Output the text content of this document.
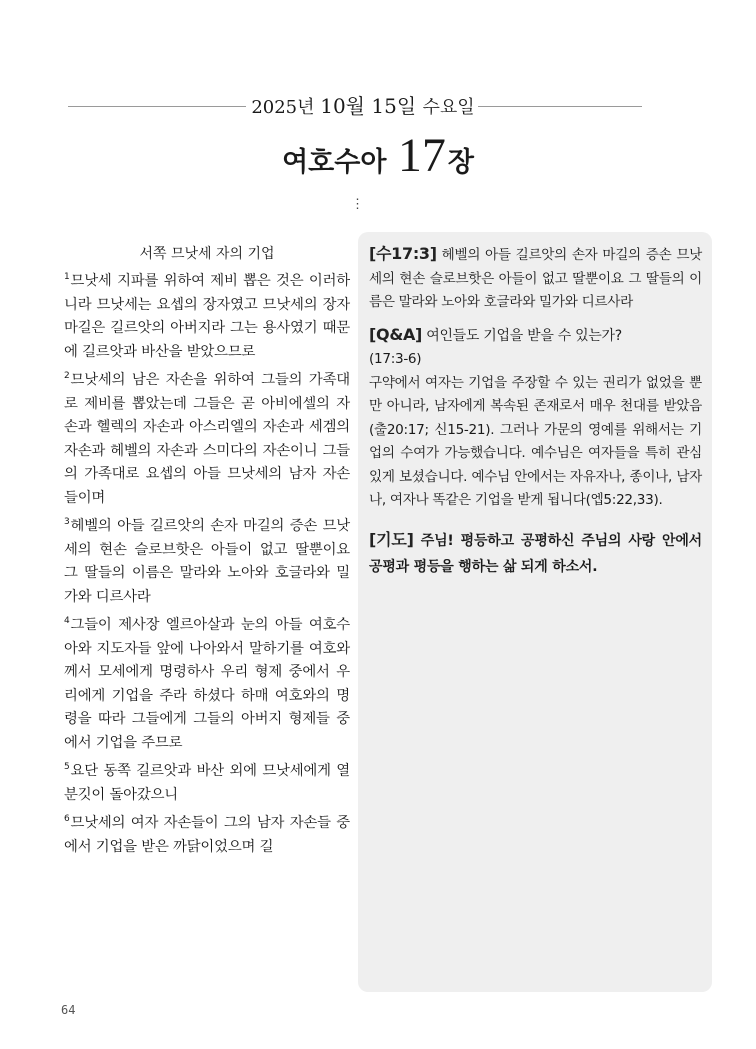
2025년 10월 15일 수요일
여호수아 17장
⋮
서쪽 므낫세 자의 기업

$^1$므낫세 지파를 위하여 제비 뽑은 것은 이러하니라 므낫세는 요셉의 장자였고 므낫세의 장자 마길은 길르앗의 아버지라 그는 용사였기 때문에 길르앗과 바산을 받았으므로

$^2$므낫세의 남은 자손을 위하여 그들의 가족대로 제비를 뽑았는데 그들은 곧 아비에셀의 자손과 헬렉의 자손과 아스리엘의 자손과 세겜의 자손과 헤벨의 자손과 스미다의 자손이니 그들의 가족대로 요셉의 아들 므낫세의 남자 자손들이며

$^3$헤벨의 아들 길르앗의 손자 마길의 증손 므낫세의 현손 슬로브핫은 아들이 없고 딸뿐이요 그 딸들의 이름은 말라와 노아와 호글라와 밀가와 디르사라

$^4$그들이 제사장 엘르아살과 눈의 아들 여호수아와 지도자들 앞에 나아와서 말하기를 여호와께서 모세에게 명령하사 우리 형제 중에서 우리에게 기업을 주라 하셨다 하매 여호와의 명령을 따라 그들에게 그들의 아버지 형제들 중에서 기업을 주므로

$^5$요단 동쪽 길르앗과 바산 외에 므낫세에게 열 분깃이 돌아갔으니

$^6$므낫세의 여자 자손들이 그의 남자 자손들 중에서 기업을 받은 까닭이었으며 길

[수17:3] 헤벨의 아들 길르앗의 손자 마길의 증손 므낫세의 현손 슬로브핫은 아들이 없고 딸뿐이요 그 딸들의 이름은 말라와 노아와 호글라와 밀가와 디르사라

[Q&A] 여인들도 기업을 받을 수 있는가?
(17:3-6)
구약에서 여자는 기업을 주장할 수 있는 권리가 없었을 뿐만 아니라, 남자에게 복속된 존재로서 매우 천대를 받았음(출20:17; 신15-21). 그러나 가문의 영예를 위해서는 기업의 수여가 가능했습니다. 예수님은 여자들을 특히 관심 있게 보셨습니다. 예수님 안에서는 자유자나, 종이나, 남자나, 여자나 똑같은 기업을 받게 됩니다(엡5:22,33).

[기도] 주님! 평등하고 공평하신 주님의 사랑 안에서 공평과 평등을 행하는 삶 되게 하소서.

64
